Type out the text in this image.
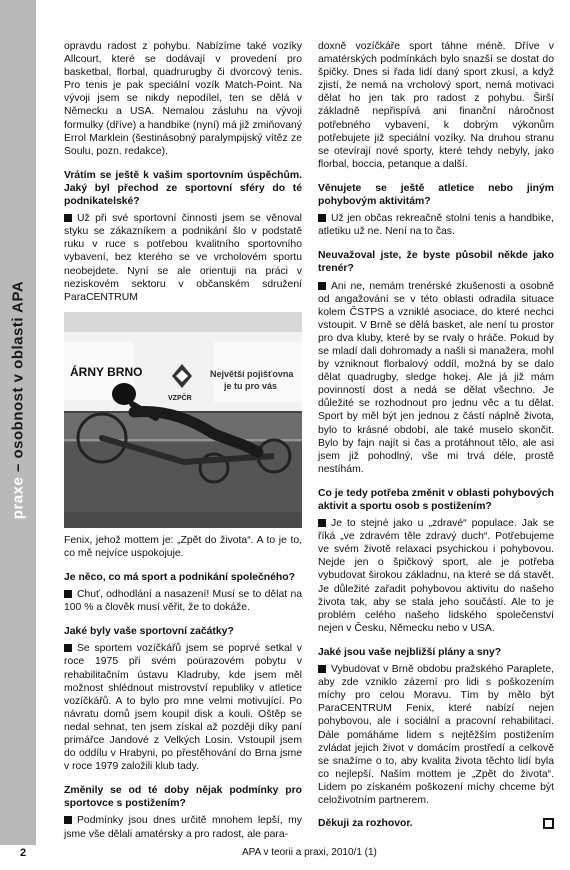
praxe – osobnost v oblasti APA

opravdu radost z pohybu. Nabízíme také vozíky Allcourt, které se dodávají v provedení pro basketbal, florbal, quadrurugby či dvorcový tenis. Pro tenis je pak speciální vozík Match-Point. Na vývoji jsem se nikdy nepodílel, ten se dělá v Německu a USA. Nemalou zásluhu na vývoji formulky (dříve) a handbike (nyní) má již zmiňovaný Errol Marklein (šestinásobný paralympijský vítěz ze Soulu, pozn. redakce).

Vrátím se ještě k vašim sportovním úspěchům. Jaký byl přechod ze sportovní sféry do té podnikatelské?

Už při své sportovní činnosti jsem se věnoval styku se zákazníkem a podnikání šlo v podstatě ruku v ruce s potřebou kvalitního sportovního vybavení, bez kterého se ve vrcholovém sportu neobejdete. Nyní se ale orientuji na práci v neziskovém sektoru v občanském sdružení ParaCENTRUM

ÁRNY BRNO
VZPČR
Největší pojišťovna
je tu pro vás

Fenix, jehož mottem je: „Zpět do života“. A to je to, co mě nejvíce uspokojuje.

Je něco, co má sport a podnikání společného?

Chuť, odhodlání a nasazení! Musí se to dělat na 100 % a člověk musí věřit, že to dokáže.

Jaké byly vaše sportovní začátky?

Se sportem vozíčkářů jsem se poprvé setkal v roce 1975 při svém poúrazovém pobytu v rehabilitačním ústavu Kladruby, kde jsem měl možnost shlédnout mistrovství republiky v atletice vozíčkářů. A to bylo pro mne velmi motivující. Po návratu domů jsem koupil disk a kouli. Oštěp se nedal sehnat, ten jsem získal až později díky paní primářce Jandové z Velkých Losin. Vstoupil jsem do oddílu v Hrabyni, po přestěhování do Brna jsme v roce 1979 založili klub tady.

Změnily se od té doby nějak podmínky pro sportovce s postižením?

Podmínky jsou dnes určitě mnohem lepší, my jsme vše dělali amatérsky a pro radost, ale para-

doxně vozíčkáře sport táhne méně. Dříve v amatérských podmínkách bylo snazší se dostat do špičky. Dnes si řada lidí daný sport zkusí, a když zjistí, že nemá na vrcholový sport, nemá motivaci dělat ho jen tak pro radost z pohybu. Širší základně nepřispívá ani finanční náročnost potřebného vybavení, k dobrým výkonům potřebujete již speciální vozíky. Na druhou stranu se otevírají nové sporty, které tehdy nebyly, jako florbal, boccia, petanque a další.

Věnujete se ještě atletice nebo jiným pohybovým aktivitám?

Už jen občas rekreačně stolní tenis a handbike, atletiku už ne. Není na to čas.

Neuvažoval jste, že byste působil někde jako trenér?

Ani ne, nemám trenérské zkušenosti a osobně od angažování se v této oblasti odradila situace kolem ČSTPS a vzniklé asociace, do které nechci vstoupit. V Brně se dělá basket, ale není tu prostor pro dva kluby, které by se rvaly o hráče. Pokud by se mladí dali dohromady a našli si manažera, mohl by vzniknout florbalový oddíl, možná by se dalo dělat quadrugby, sledge hokej. Ale já již mám povinností dost a nedá se dělat všechno. Je důležité se rozhodnout pro jednu věc a tu dělat. Sport by měl být jen jednou z částí náplně života, bylo to krásné období, ale také muselo skončit. Bylo by fajn najít si čas a protáhnout tělo, ale asi jsem již pohodlný, vše mi trvá déle, prostě nestíhám.

Co je tedy potřeba změnit v oblasti pohybových aktivit a sportu osob s postižením?

Je to stejné jako u „zdravé“ populace. Jak se říká „ve zdravém těle zdravý duch“. Potřebujeme ve svém životě relaxaci psychickou i pohybovou. Nejde jen o špičkový sport, ale je potřeba vybudovat širokou základnu, na které se dá stavět. Je důležité zařadit pohybovou aktivitu do našeho života tak, aby se stala jeho součástí. Ale to je problém celého našeho lidského společenství nejen v Česku, Německu nebo v USA.

Jaké jsou vaše nejbližší plány a sny?

Vybudovat v Brně obdobu pražského Paraplete, aby zde vzniklo zázemí pro lidi s poškozením míchy pro celou Moravu. Tím by mělo být ParaCENTRUM Fenix, které nabízí nejen pohybovou, ale i sociální a pracovní rehabilitaci. Dále pomáháme lidem s nejtěžším postižením zvládat jejich život v domácím prostředí a celkově se snažíme o to, aby kvalita života těchto lidí byla co nejlepší. Naším mottem je „Zpět do života“. Lidem po získaném poškození míchy chceme být celoživotním partnerem.

Děkuji za rozhovor.
2	APA v teorii a praxi, 2010/1 (1)
